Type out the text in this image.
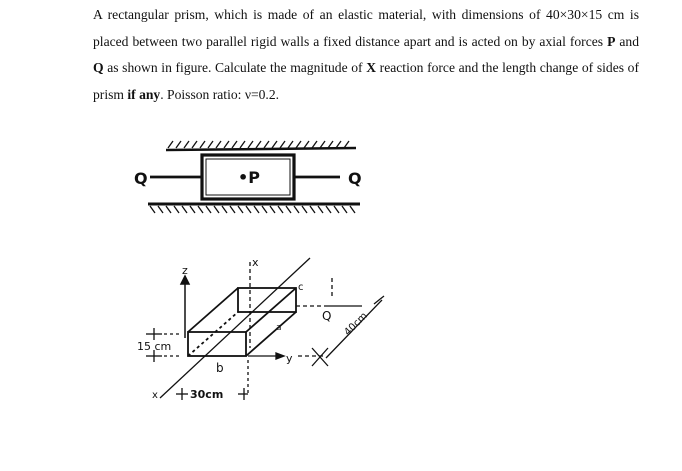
A rectangular prism, which is made of an elastic material, with dimensions of 40×30×15 cm is placed between two parallel rigid walls a fixed distance apart and is acted on by axial forces P and Q as shown in figure. Calculate the magnitude of X reaction force and the length change of sides of prism if any. Poisson ratio: ν=0.2.
Q	Q
•P
z
x
y
Q 40cm
c
a
b
15 cm
30cm
x
